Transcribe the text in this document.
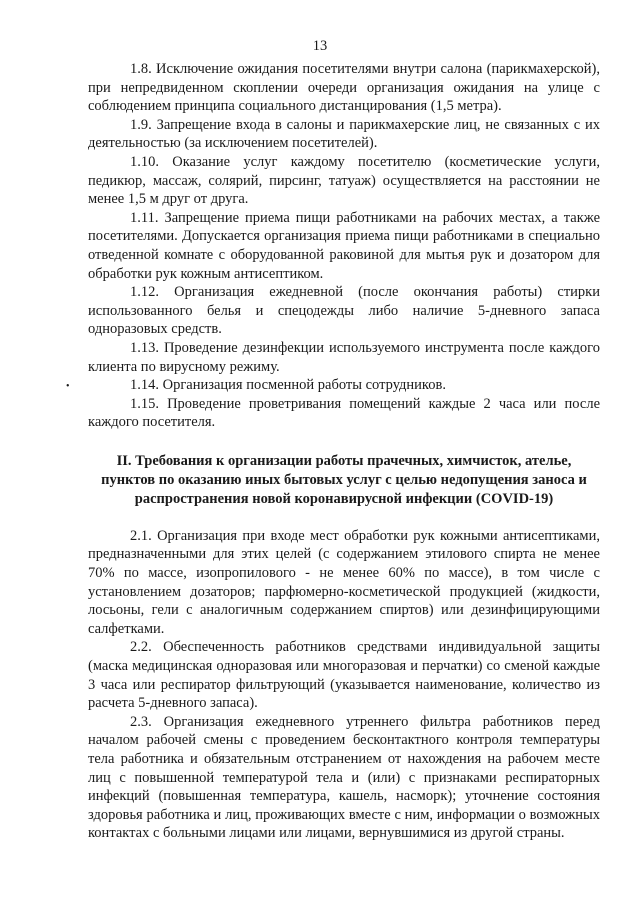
13
•

1.8. Исключение ожидания посетителями внутри салона (парикмахерской), при непредвиденном скоплении очереди организация ожидания на улице с соблюдением принципа социального дистанцирования (1,5 метра).

1.9. Запрещение входа в салоны и парикмахерские лиц, не связанных с их деятельностью (за исключением посетителей).

1.10. Оказание услуг каждому посетителю (косметические услуги, педикюр, массаж, солярий, пирсинг, татуаж) осуществляется на расстоянии не менее 1,5 м друг от друга.

1.11. Запрещение приема пищи работниками на рабочих местах, а также посетителями. Допускается организация приема пищи работниками в специально отведенной комнате с оборудованной раковиной для мытья рук и дозатором для обработки рук кожным антисептиком.

1.12. Организация ежедневной (после окончания работы) стирки использованного белья и спецодежды либо наличие 5-дневного запаса одноразовых средств.

1.13. Проведение дезинфекции используемого инструмента после каждого клиента по вирусному режиму.

1.14. Организация посменной работы сотрудников.

1.15. Проведение проветривания помещений каждые 2 часа или после каждого посетителя.

II. Требования к организации работы прачечных, химчисток, ателье, пунктов по оказанию иных бытовых услуг с целью недопущения заноса и распространения новой коронавирусной инфекции (COVID-19)

2.1. Организация при входе мест обработки рук кожными антисептиками, предназначенными для этих целей (с содержанием этилового спирта не менее 70% по массе, изопропилового - не менее 60% по массе), в том числе с установлением дозаторов; парфюмерно-косметической продукцией (жидкости, лосьоны, гели с аналогичным содержанием спиртов) или дезинфицирующими салфетками.

2.2. Обеспеченность работников средствами индивидуальной защиты (маска медицинская одноразовая или многоразовая и перчатки) со сменой каждые 3 часа или респиратор фильтрующий (указывается наименование, количество из расчета 5-дневного запаса).

2.3. Организация ежедневного утреннего фильтра работников перед началом рабочей смены с проведением бесконтактного контроля температуры тела работника и обязательным отстранением от нахождения на рабочем месте лиц с повышенной температурой тела и (или) с признаками респираторных инфекций (повышенная температура, кашель, насморк); уточнение состояния здоровья работника и лиц, проживающих вместе с ним, информации о возможных контактах с больными лицами или лицами, вернувшимися из другой страны.
